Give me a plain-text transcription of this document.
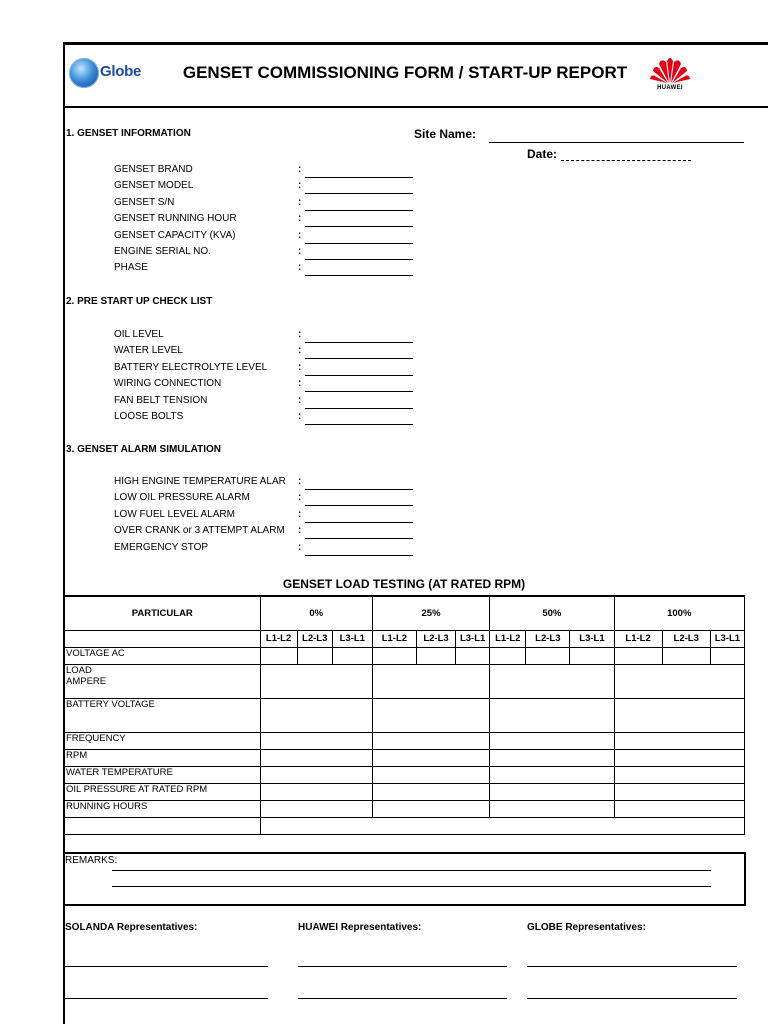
Globe	GENSET COMMISSIONING FORM / START-UP REPORT
HUAWEI
Site Name:
Date:
1. GENSET INFORMATION
GENSET BRAND	:
GENSET MODEL	:
GENSET S/N	:
GENSET RUNNING HOUR	:
GENSET CAPACITY (KVA)	:
ENGINE SERIAL NO.	:
PHASE	:
2. PRE START UP CHECK LIST
OIL LEVEL	:
WATER LEVEL	:
BATTERY ELECTROLYTE LEVEL	:
WIRING CONNECTION	:
FAN BELT TENSION	:
LOOSE BOLTS	:
3. GENSET ALARM SIMULATION
HIGH ENGINE TEMPERATURE ALAR :
LOW OIL PRESSURE ALARM	:
LOW FUEL LEVEL ALARM	:
OVER CRANK or 3 ATTEMPT ALARM :
EMERGENCY STOP	:
GENSET LOAD TESTING (AT RATED RPM)
PARTICULAR	0%			25%			50%			100%		
	L1-L2	L2-L3	L3-L1	L1-L2	L2-L3	L3-L1	L1-L2	L2-L3	L3-L1	L1-L2	L2-L3	L3-L1
VOLTAGE AC												
LOAD
AMPERE												
BATTERY VOLTAGE												
FREQUENCY												
RPM												
WATER TEMPERATURE												
OIL PRESSURE AT RATED RPM												
RUNNING HOURS												

REMARKS:
SOLANDA Representatives:	HUAWEI Representatives:	GLOBE Representatives:
